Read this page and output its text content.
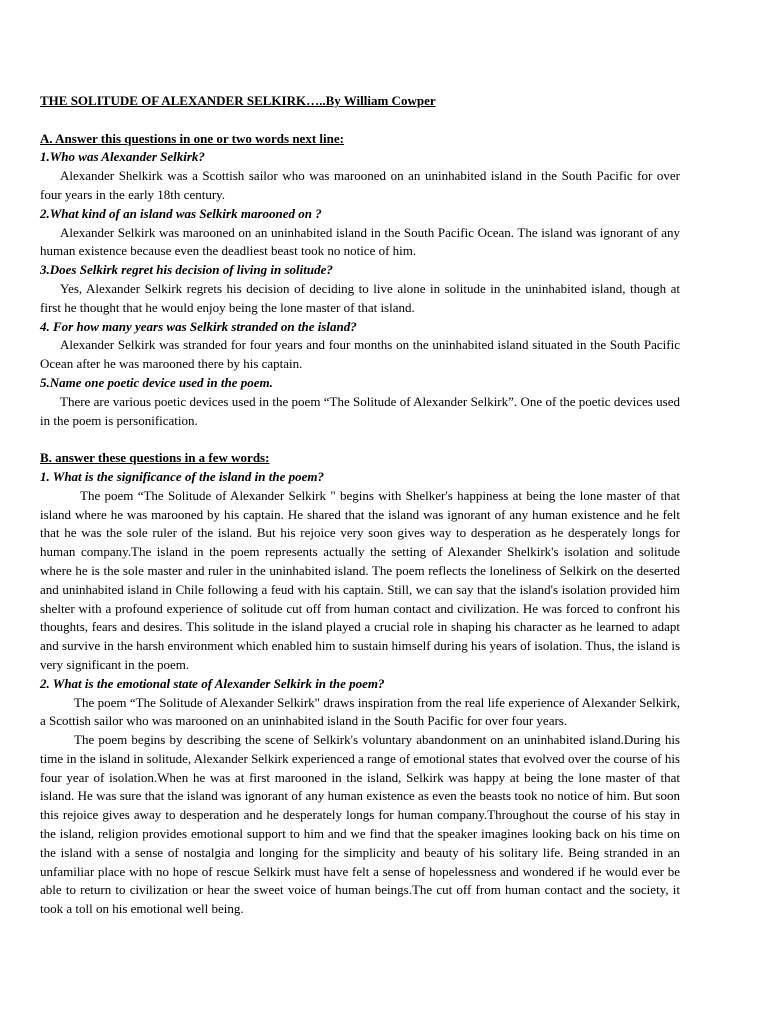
THE SOLITUDE OF ALEXANDER SELKIRK…..By William Cowper

A. Answer this questions in one or two words next line:

1.Who was Alexander Selkirk?

Alexander Shelkirk was a Scottish sailor who was marooned on an uninhabited island in the South Pacific for over four years in the early 18th century.

2.What kind of an island was Selkirk marooned on ?

Alexander Selkirk was marooned on an uninhabited island in the South Pacific Ocean. The island was ignorant of any human existence because even the deadliest beast took no notice of him.

3.Does Selkirk regret his decision of living in solitude?

Yes, Alexander Selkirk regrets his decision of deciding to live alone in solitude in the uninhabited island, though at first he thought that he would enjoy being the lone master of that island.

4. For how many years was Selkirk stranded on the island?

Alexander Selkirk was stranded for four years and four months on the uninhabited island situated in the South Pacific Ocean after he was marooned there by his captain.

5.Name one poetic device used in the poem.

There are various poetic devices used in the poem “The Solitude of Alexander Selkirk”. One of the poetic devices used in the poem is personification.

B. answer these questions in a few words:

1. What is the significance of the island in the poem?

The poem “The Solitude of Alexander Selkirk " begins with Shelker's happiness at being the lone master of that island where he was marooned by his captain. He shared that the island was ignorant of any human existence and he felt that he was the sole ruler of the island. But his rejoice very soon gives way to desperation as he desperately longs for human company.The island in the poem represents actually the setting of Alexander Shelkirk's isolation and solitude where he is the sole master and ruler in the uninhabited island. The poem reflects the loneliness of Selkirk on the deserted and uninhabited island in Chile following a feud with his captain. Still, we can say that the island's isolation provided him shelter with a profound experience of solitude cut off from human contact and civilization. He was forced to confront his thoughts, fears and desires. This solitude in the island played a crucial role in shaping his character as he learned to adapt and survive in the harsh environment which enabled him to sustain himself during his years of isolation. Thus, the island is very significant in the poem.

2. What is the emotional state of Alexander Selkirk in the poem?

The poem “The Solitude of Alexander Selkirk" draws inspiration from the real life experience of Alexander Selkirk, a Scottish sailor who was marooned on an uninhabited island in the South Pacific for over four years.

The poem begins by describing the scene of Selkirk's voluntary abandonment on an uninhabited island.During his time in the island in solitude, Alexander Selkirk experienced a range of emotional states that evolved over the course of his four year of isolation.When he was at first marooned in the island, Selkirk was happy at being the lone master of that island. He was sure that the island was ignorant of any human existence as even the beasts took no notice of him. But soon this rejoice gives away to desperation and he desperately longs for human company.Throughout the course of his stay in the island, religion provides emotional support to him and we find that the speaker imagines looking back on his time on the island with a sense of nostalgia and longing for the simplicity and beauty of his solitary life. Being stranded in an unfamiliar place with no hope of rescue Selkirk must have felt a sense of hopelessness and wondered if he would ever be able to return to civilization or hear the sweet voice of human beings.The cut off from human contact and the society, it took a toll on his emotional well being.
